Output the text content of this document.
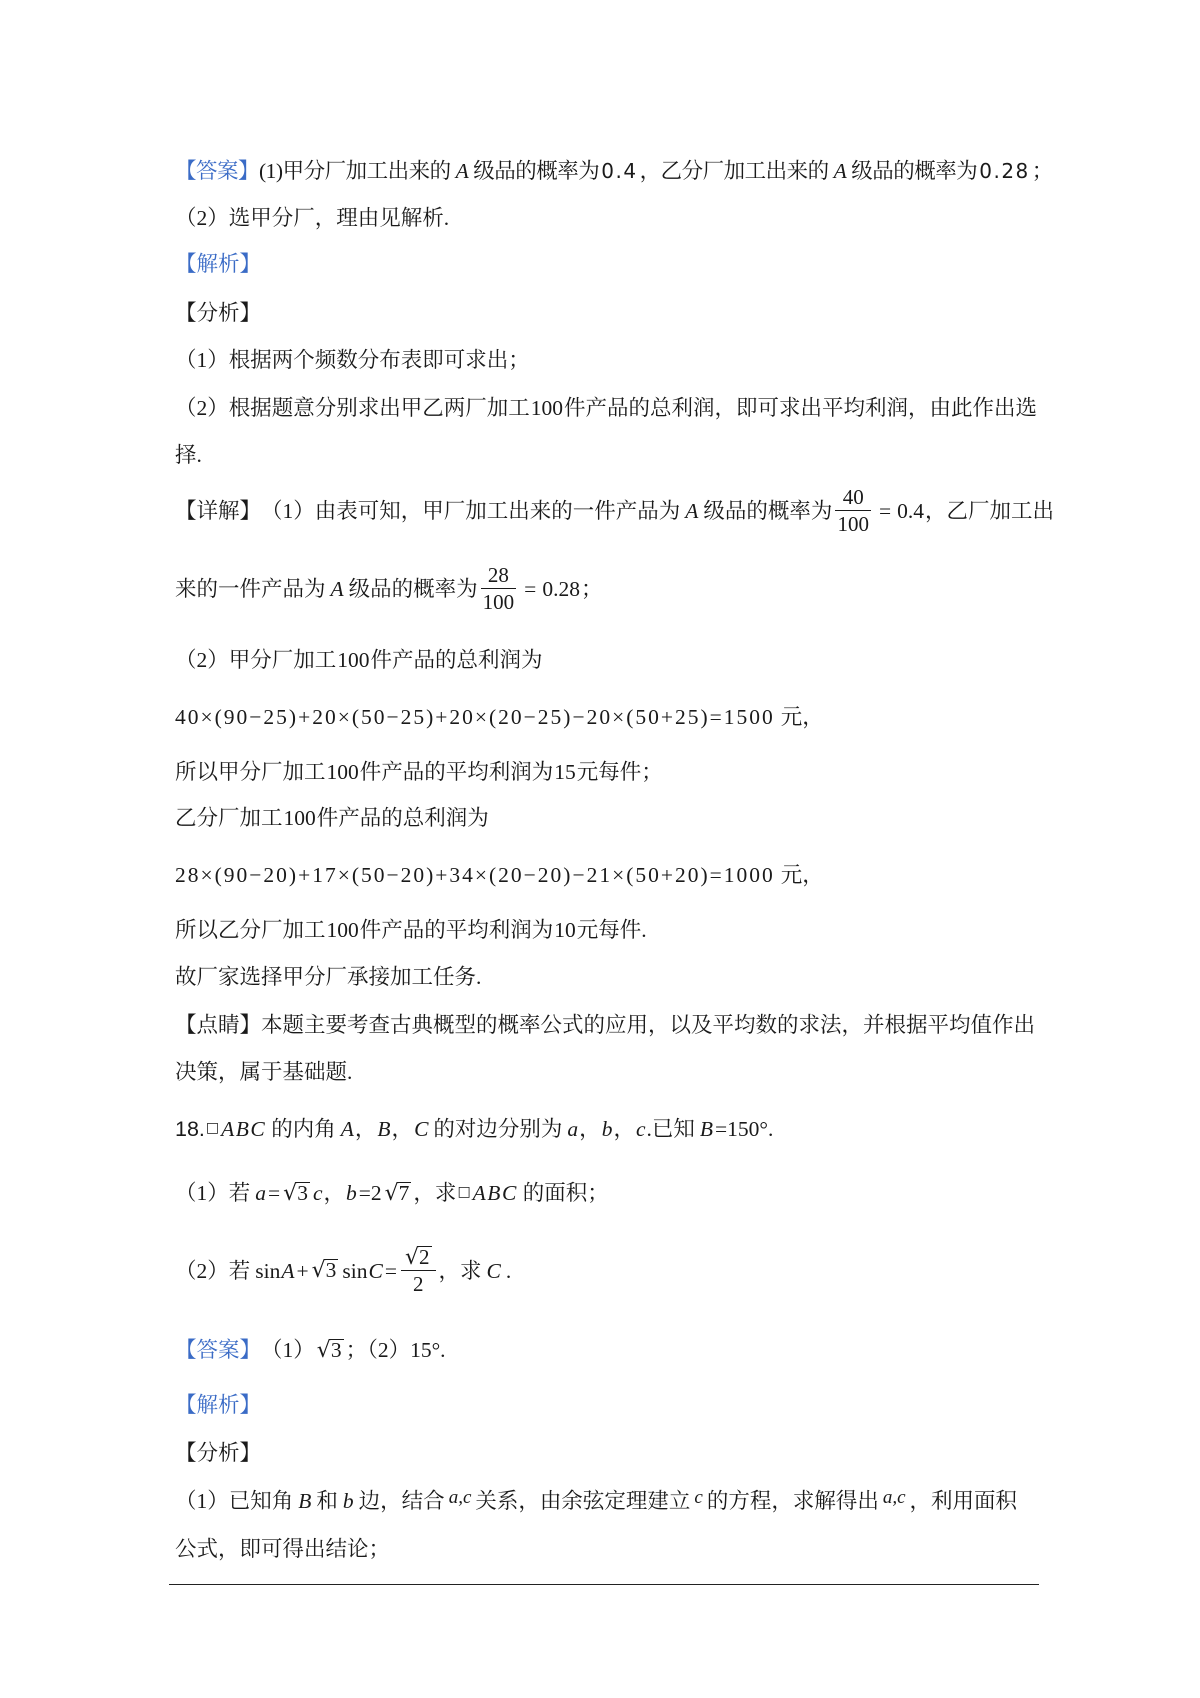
【答案】 (1)甲分厂加工出来的 A 级品的概率为 0.4 ，乙分厂加工出来的 A 级品的概率为 0.28 ；
（2）选甲分厂，理由见解析.
【解析】
【分析】
（1）根据两个频数分布表即可求出；
（2）根据题意分别求出甲乙两厂加工 100 件产品的总利润，即可求出平均利润，由此作出选
择.
【详解】 （1）由表可知，甲厂加工出来的一件产品为 A 级品的概率为 $\frac{40}{100} = 0.4$ ，乙厂加工出
来的一件产品为 A 级品的概率为 $\frac{28}{100} = 0.28$ ；
（2）甲分厂加工 100 件产品的总利润为
40×(90−25)+20×(50−25)+20×(20−25)−20×(50+25)=1500 元，
所以甲分厂加工 100 件产品的平均利润为 15 元每件；
乙分厂加工 100 件产品的总利润为
28×(90−20)+17×(50−20)+34×(20−20)−21×(50+20)=1000 元，
所以乙分厂加工 100 件产品的平均利润为 10 元每件.
故厂家选择甲分厂承接加工任务.
【点睛】 本题主要考查古典概型的概率公式的应用，以及平均数的求法，并根据平均值作出
决策，属于基础题.
18. □ ABC 的内角 A ， B ， C 的对边分别为 a ， b ， c .已知 B =150°.
（1）若 a = √ 3 c ， b =2 √ 7 ，求 □ ABC 的面积；
（2）若 sin A + √ 3 $\sin C = \frac{√ 2}{2}$ ，求 C .
【答案】 （1） √ 3 ；（2）15°.
【解析】
【分析】
（1）已知角 B 和 b 边，结合 a,c 关系，由余弦定理建立 c 的方程，求解得出 a,c ，利用面积
公式，即可得出结论；
